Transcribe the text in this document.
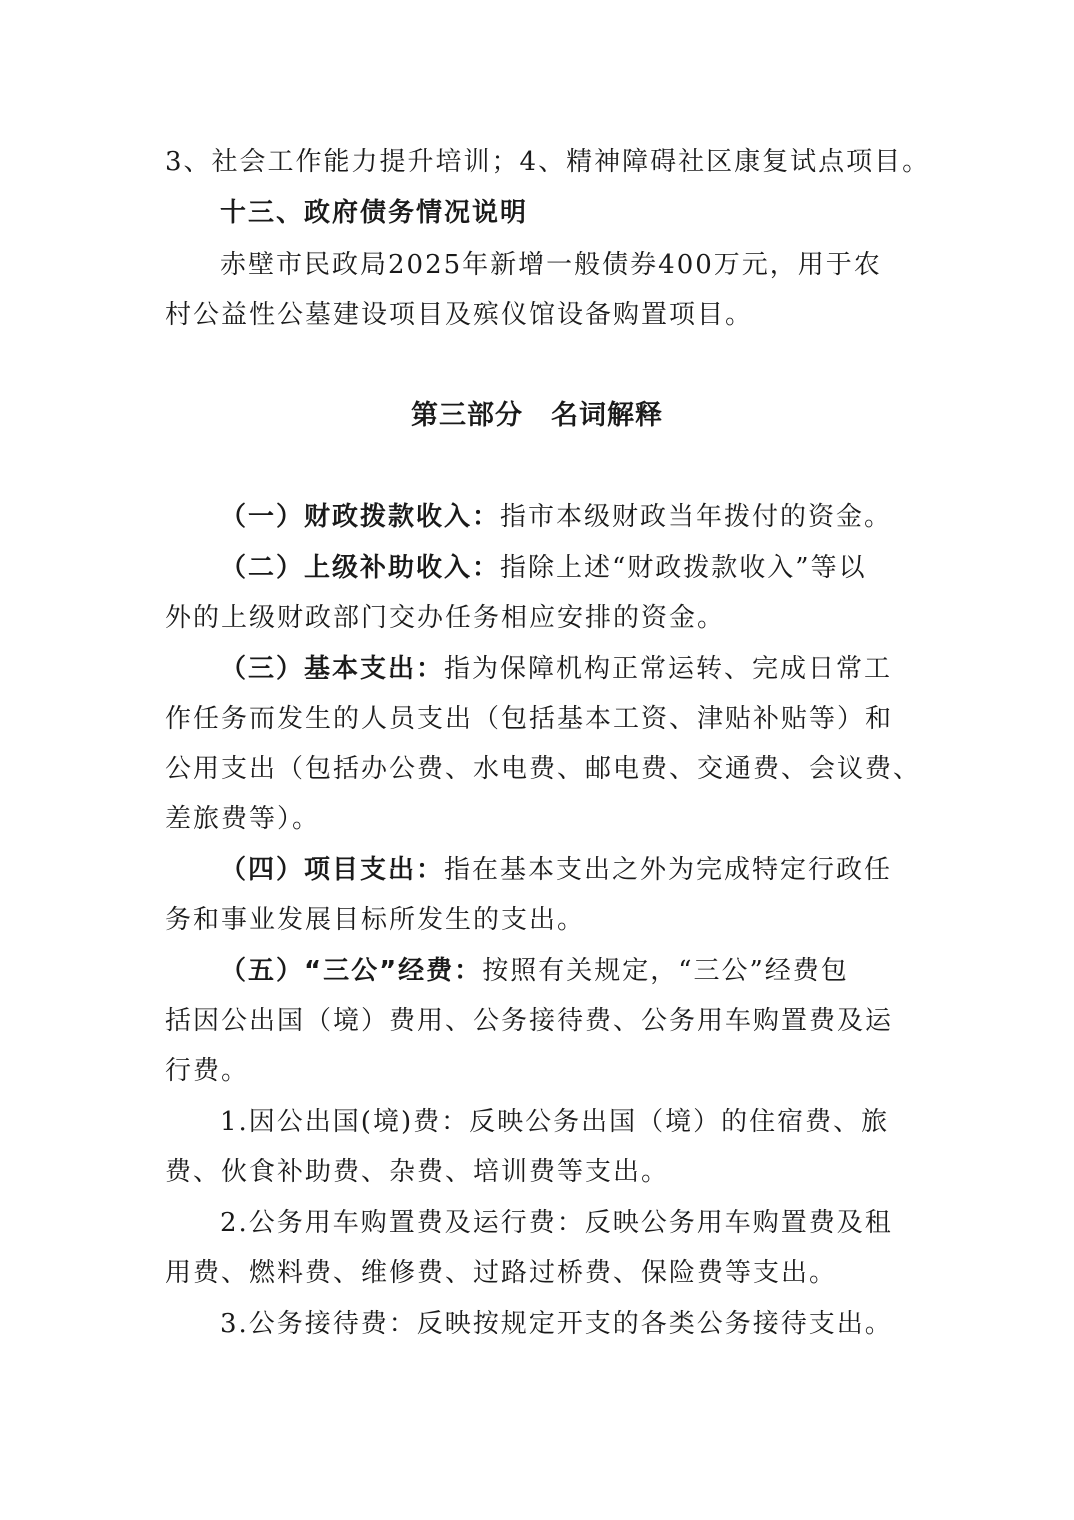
3、社会工作能力提升培训；4、精神障碍社区康复试点项目。
十三、政府债务情况说明
赤壁市民政局2025年新增一般债券400万元，用于农
村公益性公墓建设项目及殡仪馆设备购置项目。
第三部分　名词解释
（一）财政拨款收入：指市本级财政当年拨付的资金。
（二）上级补助收入：指除上述“财政拨款收入”等以
外的上级财政部门交办任务相应安排的资金。
（三）基本支出：指为保障机构正常运转、完成日常工
作任务而发生的人员支出（包括基本工资、津贴补贴等）和
公用支出（包括办公费、水电费、邮电费、交通费、会议费、
差旅费等）。
（四）项目支出：指在基本支出之外为完成特定行政任
务和事业发展目标所发生的支出。
（五）“三公”经费：按照有关规定，“三公”经费包
括因公出国（境）费用、公务接待费、公务用车购置费及运
行费。
1.因公出国(境)费：反映公务出国（境）的住宿费、旅
费、伙食补助费、杂费、培训费等支出。
2.公务用车购置费及运行费：反映公务用车购置费及租
用费、燃料费、维修费、过路过桥费、保险费等支出。
3.公务接待费：反映按规定开支的各类公务接待支出。
